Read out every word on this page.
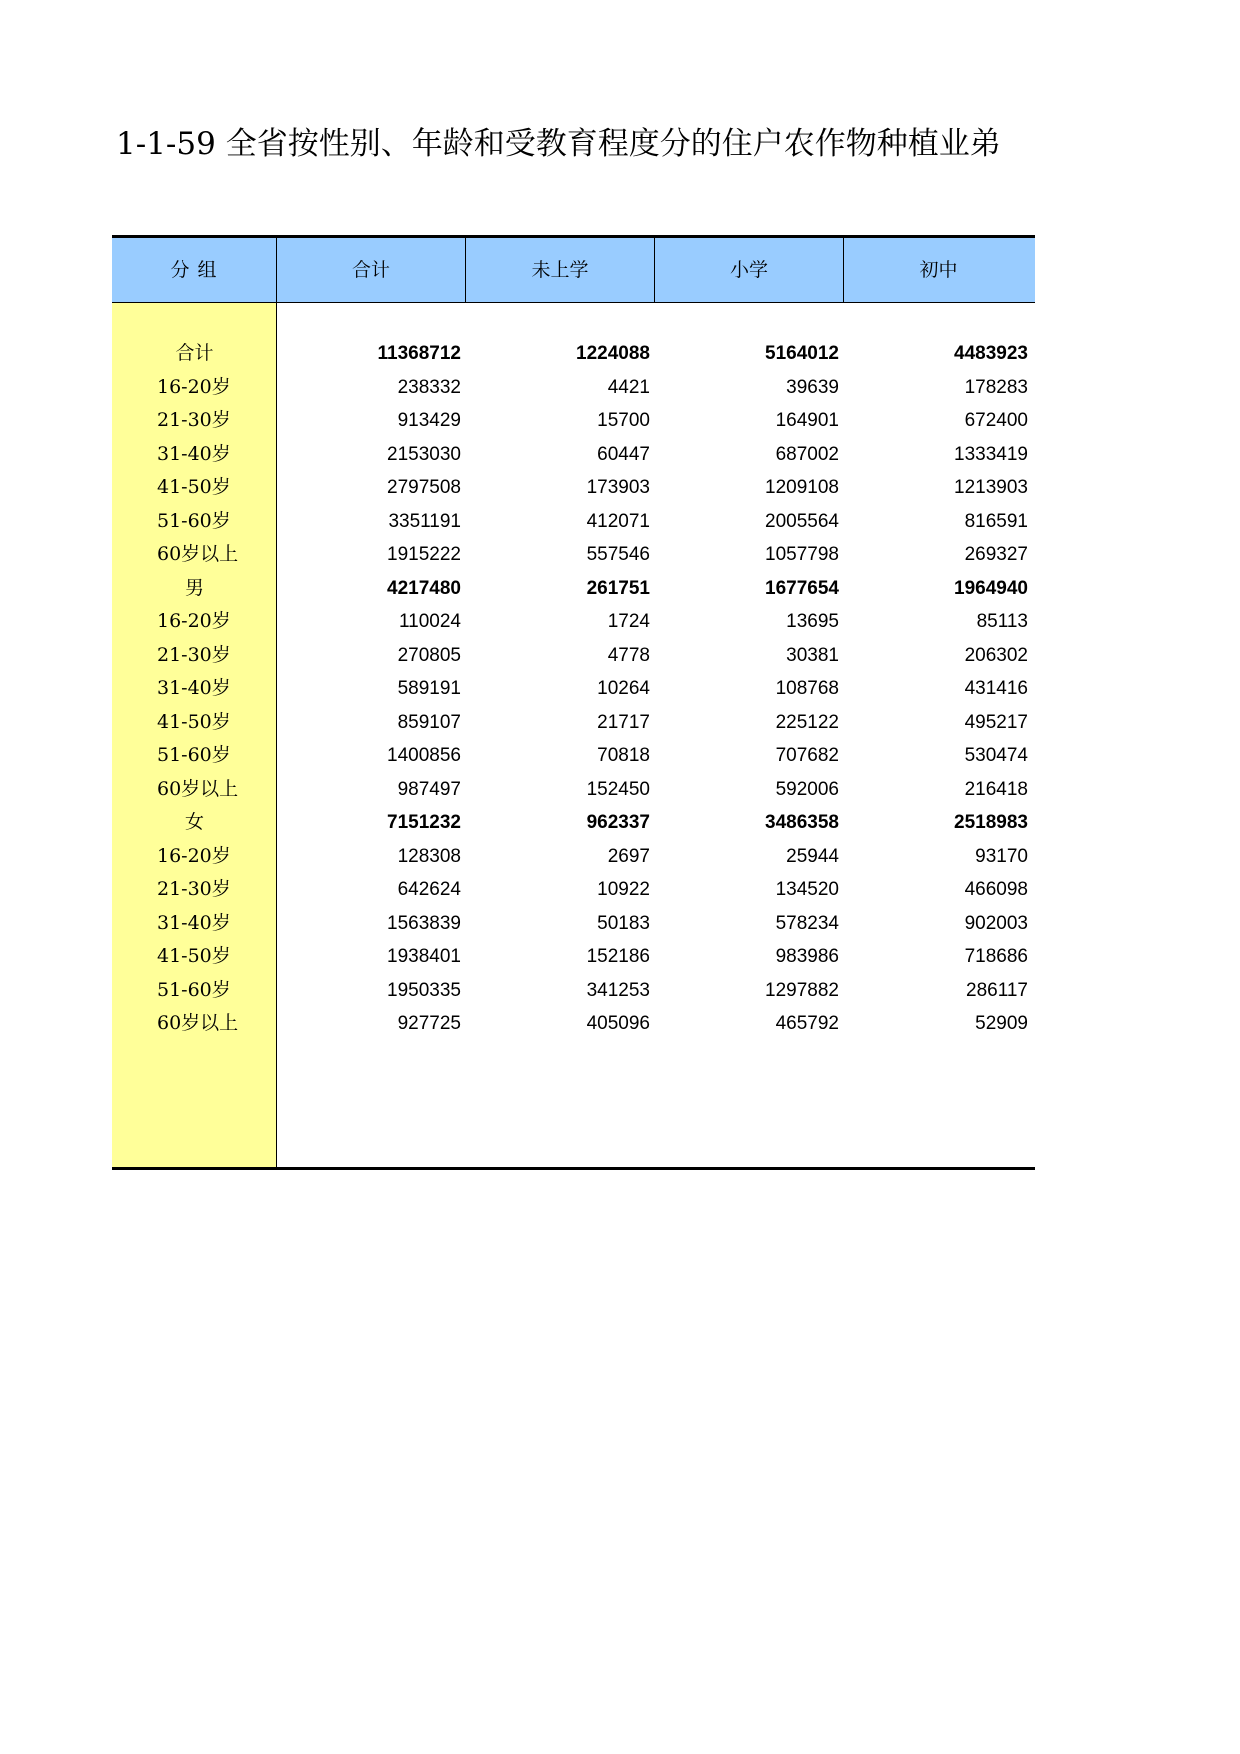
1-1-59 全省按性别、年龄和受教育程度分的住户农作物种植业弟
分 组	合计	未上学	小学	初中
合计	11368712	1224088	5164012	4483923
16-20岁	238332	4421	39639	178283
21-30岁	913429	15700	164901	672400
31-40岁	2153030	60447	687002	1333419
41-50岁	2797508	173903	1209108	1213903
51-60岁	3351191	412071	2005564	816591
60岁以上	1915222	557546	1057798	269327
男	4217480	261751	1677654	1964940
16-20岁	110024	1724	13695	85113
21-30岁	270805	4778	30381	206302
31-40岁	589191	10264	108768	431416
41-50岁	859107	21717	225122	495217
51-60岁	1400856	70818	707682	530474
60岁以上	987497	152450	592006	216418
女	7151232	962337	3486358	2518983
16-20岁	128308	2697	25944	93170
21-30岁	642624	10922	134520	466098
31-40岁	1563839	50183	578234	902003
41-50岁	1938401	152186	983986	718686
51-60岁	1950335	341253	1297882	286117
60岁以上	927725	405096	465792	52909
